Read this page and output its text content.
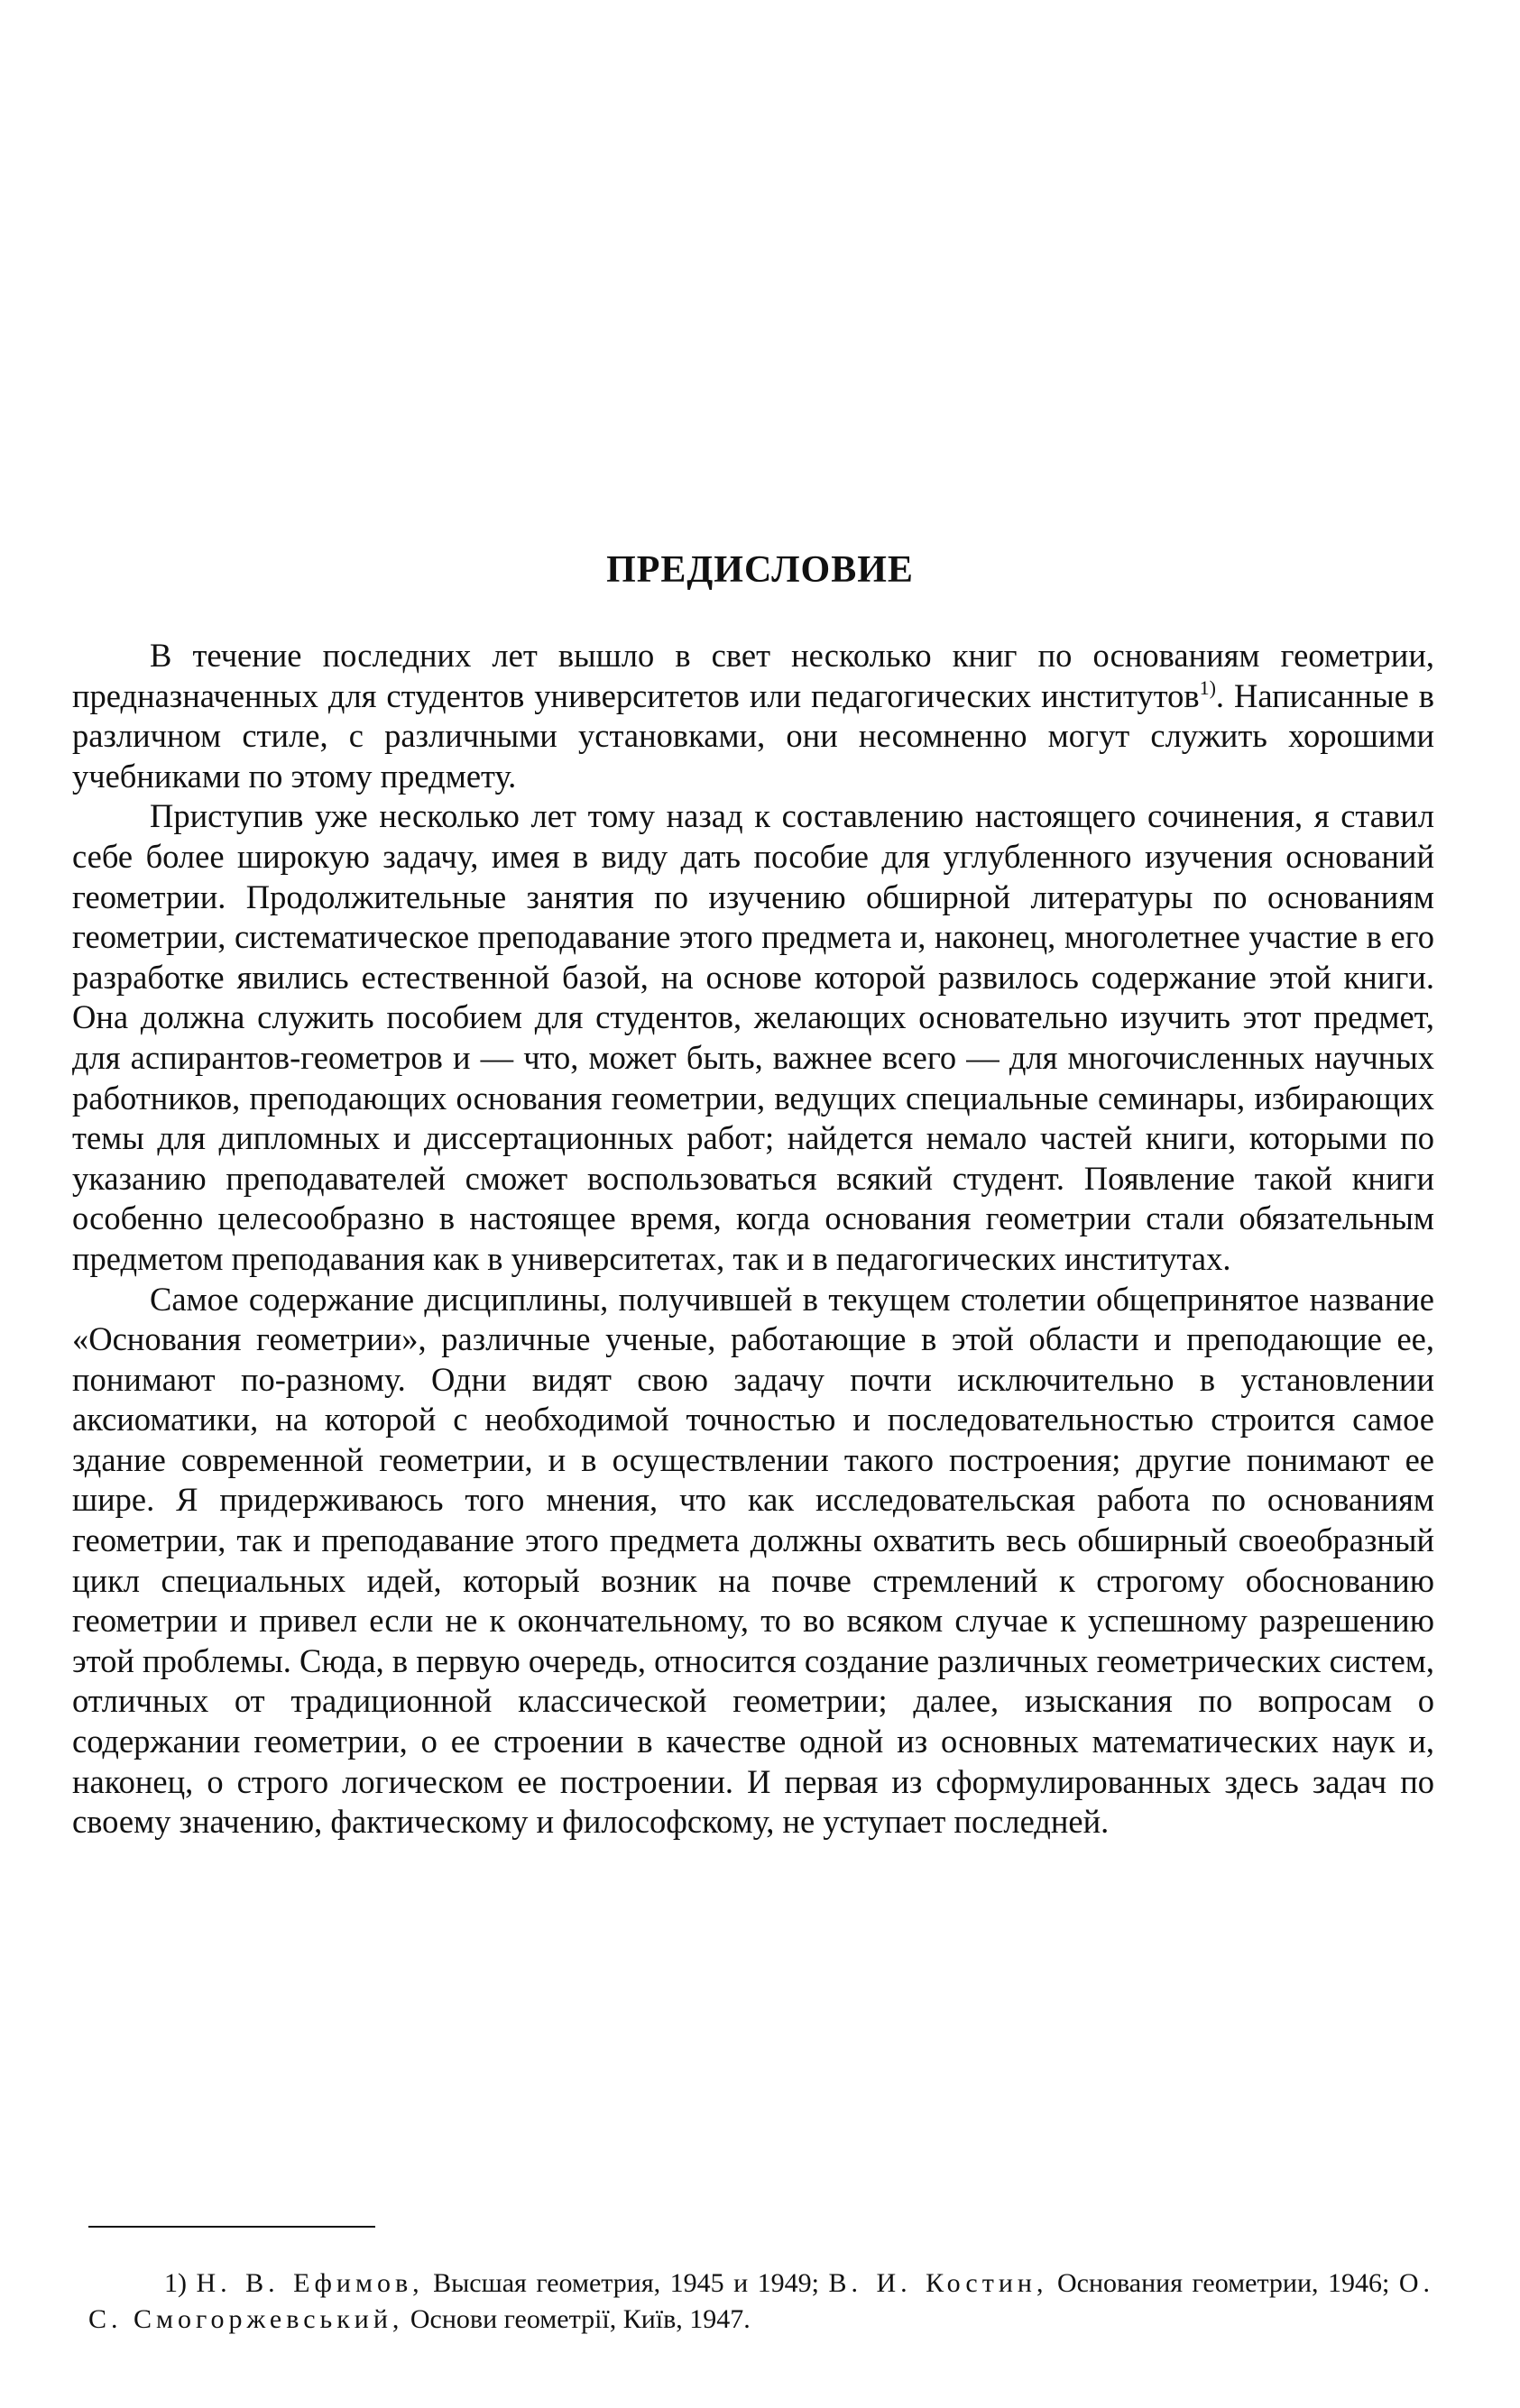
ПРЕДИСЛОВИЕ

В течение последних лет вышло в свет несколько книг по основаниям геометрии, предназначенных для студентов университетов или педагогических институтов$^{1)}$. Написанные в различном стиле, с различными установками, они несомненно могут служить хорошими учебниками по этому предмету.

Приступив уже несколько лет тому назад к составлению настоящего сочинения, я ставил себе более широкую задачу, имея в виду дать пособие для углубленного изучения оснований геометрии. Продолжительные занятия по изучению обширной литературы по основаниям геометрии, систематическое преподавание этого предмета и, наконец, многолетнее участие в его разработке явились естественной базой, на основе которой развилось содержание этой книги. Она должна служить пособием для студентов, желающих основательно изучить этот предмет, для аспирантов-геометров и — что, может быть, важнее всего — для многочисленных научных работников, преподающих основания геометрии, ведущих специальные семинары, избирающих темы для дипломных и диссертационных работ; найдется немало частей книги, которыми по указанию преподавателей сможет воспользоваться всякий студент. Появление такой книги особенно целесообразно в настоящее время, когда основания геометрии стали обязательным предметом преподавания как в университетах, так и в педагогических институтах.

Самое содержание дисциплины, получившей в текущем столетии общепринятое название «Основания геометрии», различные ученые, работающие в этой области и преподающие ее, понимают по-разному. Одни видят свою задачу почти исключительно в установлении аксиоматики, на которой с необходимой точностью и последовательностью строится самое здание современной геометрии, и в осуществлении такого построения; другие понимают ее шире. Я придерживаюсь того мнения, что как исследовательская работа по основаниям геометрии, так и преподавание этого предмета должны охватить весь обширный своеобразный цикл специальных идей, который возник на почве стремлений к строгому обоснованию геометрии и привел если не к окончательному, то во всяком случае к успешному разрешению этой проблемы. Сюда, в первую очередь, относится создание различных геометрических систем, отличных от традиционной классической геометрии; далее, изыскания по вопросам о содержании геометрии, о ее строении в качестве одной из основных математических наук и, наконец, о строго логическом ее построении. И первая из сформулированных здесь задач по своему значению, фактическому и философскому, не уступает последней.

1) Н. В. Ефимов, Высшая геометрия, 1945 и 1949; В. И. Костин, Основания геометрии, 1946; О. С. Смогоржевський, Основи геометрії, Київ, 1947.
